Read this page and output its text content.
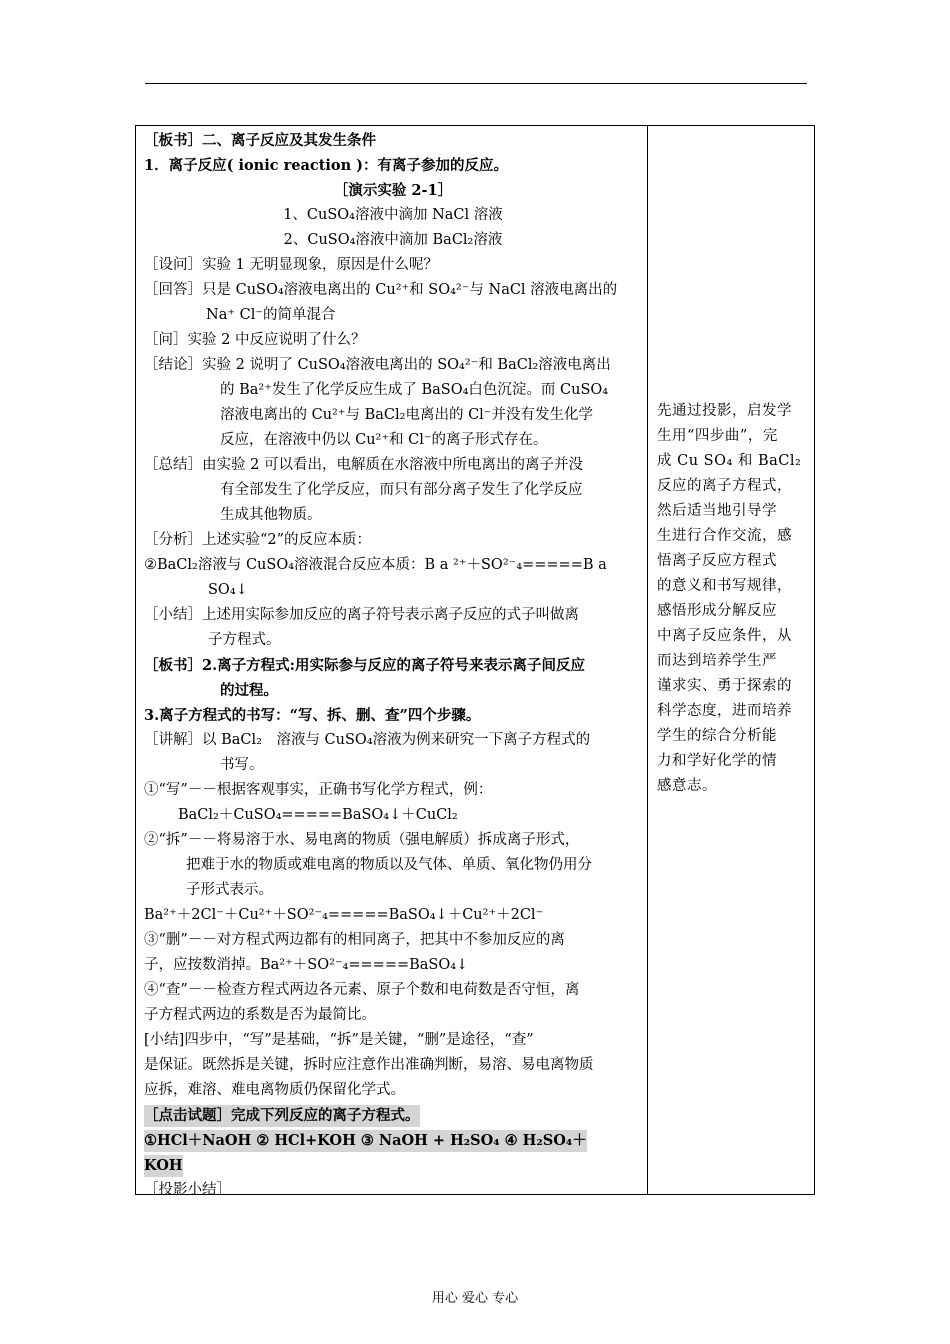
［板书］二、离子反应及其发生条件
1．离子反应( ionic reaction )：有离子参加的反应。
［演示实验 2-1］
1、CuSO₄溶液中滴加 NaCl 溶液
2、CuSO₄溶液中滴加 BaCl₂溶液
［设问］实验 1 无明显现象，原因是什么呢？
［回答］只是 CuSO₄溶液电离出的 Cu²⁺和 SO₄²⁻与 NaCl 溶液电离出的
Na⁺ Cl⁻的简单混合
［问］实验 2 中反应说明了什么？
［结论］实验 2 说明了 CuSO₄溶液电离出的 SO₄²⁻和 BaCl₂溶液电离出
的 Ba²⁺发生了化学反应生成了 BaSO₄白色沉淀。而 CuSO₄
溶液电离出的 Cu²⁺与 BaCl₂电离出的 Cl⁻并没有发生化学
反应，在溶液中仍以 Cu²⁺和 Cl⁻的离子形式存在。
［总结］由实验 2 可以看出，电解质在水溶液中所电离出的离子并没
有全部发生了化学反应，而只有部分离子发生了化学反应
生成其他物质。
［分析］上述实验“2”的反应本质：
②BaCl₂溶液与 CuSO₄溶液混合反应本质：B a ²⁺＋SO²⁻₄=====B a
SO₄↓
［小结］上述用实际参加反应的离子符号表示离子反应的式子叫做离
子方程式。
［板书］2.离子方程式:用实际参与反应的离子符号来表示离子间反应
的过程。
3.离子方程式的书写：“写、拆、删、查”四个步骤。
［讲解］以 BaCl₂　溶液与 CuSO₄溶液为例来研究一下离子方程式的
书写。
①“写”－－根据客观事实，正确书写化学方程式，例：
BaCl₂＋CuSO₄=====BaSO₄↓＋CuCl₂
②“拆”－－将易溶于水、易电离的物质（强电解质）拆成离子形式，
把难于水的物质或难电离的物质以及气体、单质、氧化物仍用分
子形式表示。
Ba²⁺＋2Cl⁻＋Cu²⁺＋SO²⁻₄=====BaSO₄↓＋Cu²⁺＋2Cl⁻
③“删”－－对方程式两边都有的相同离子，把其中不参加反应的离
子，应按数消掉。Ba²⁺＋SO²⁻₄=====BaSO₄↓
④“查”－－检查方程式两边各元素、原子个数和电荷数是否守恒，离
子方程式两边的系数是否为最简比。
[小结]四步中，“写”是基础，“拆”是关键，“删”是途径，“查”
是保证。既然拆是关键，拆时应注意作出准确判断，易溶、易电离物质
应拆，难溶、难电离物质仍保留化学式。
［点击试题］完成下列反应的离子方程式。
①HCl＋NaOH ② HCl+KOH ③ NaOH + H₂SO₄ ④ H₂SO₄＋
KOH
［投影小结］
先通过投影，启发学
生用“四步曲”，完
成 Cu SO₄ 和 BaCl₂
反应的离子方程式，
然后适当地引导学
生进行合作交流，感
悟离子反应方程式
的意义和书写规律，
感悟形成分解反应
中离子反应条件，从
而达到培养学生严
谨求实、勇于探索的
科学态度，进而培养
学生的综合分析能
力和学好化学的情
感意志。
用心 爱心 专心
